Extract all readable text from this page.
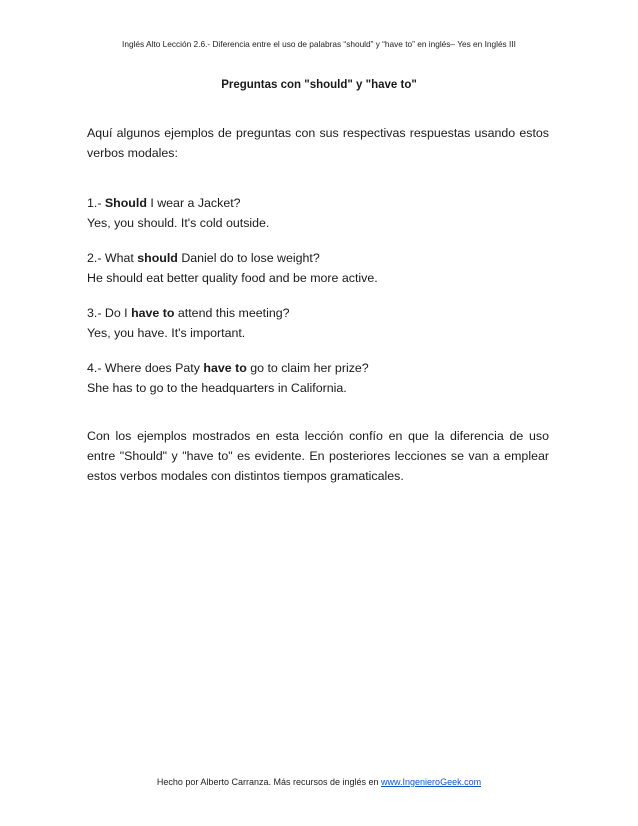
Inglés Alto Lección 2.6.- Diferencia entre el uso de palabras “should” y “have to” en inglés– Yes en Inglés III
Preguntas con "should" y "have to"

Aquí algunos ejemplos de preguntas con sus respectivas respuestas usando estos verbos modales:

1.- Should I wear a Jacket?

Yes, you should. It's cold outside.

2.- What should Daniel do to lose weight?

He should eat better quality food and be more active.

3.- Do I have to attend this meeting?

Yes, you have. It's important.

4.- Where does Paty have to go to claim her prize?

She has to go to the headquarters in California.

Con los ejemplos mostrados en esta lección confío en que la diferencia de uso entre "Should" y "have to" es evidente. En posteriores lecciones se van a emplear estos verbos modales con distintos tiempos gramaticales.

Hecho por Alberto Carranza. Más recursos de inglés en www.IngenieroGeek.com
